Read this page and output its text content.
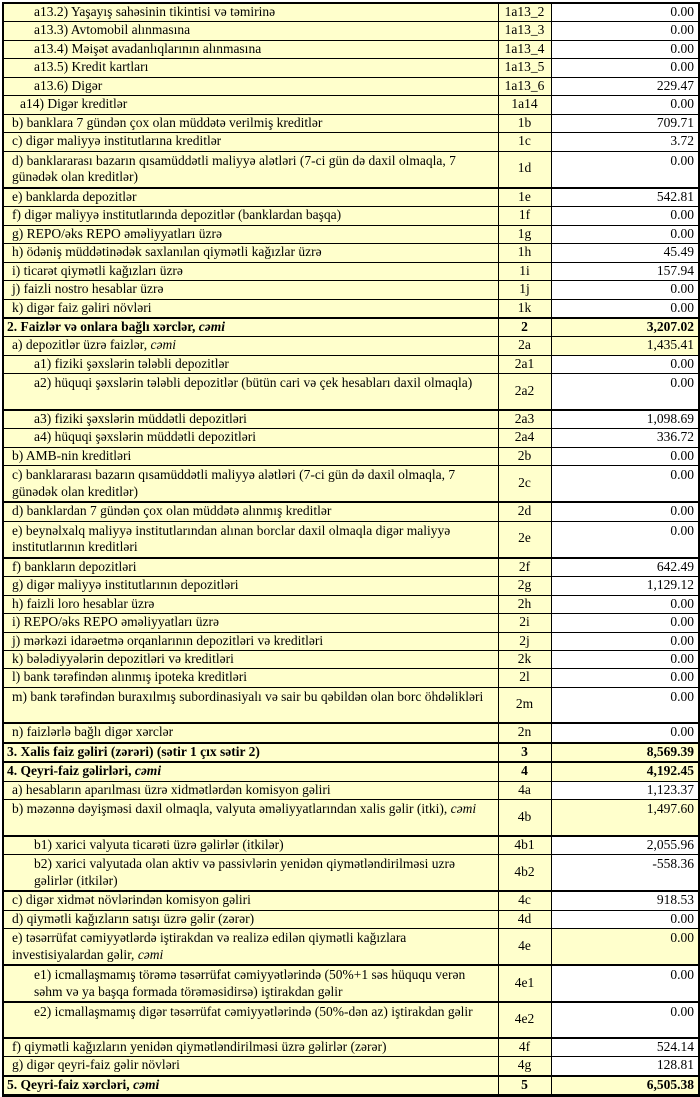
a13.2) Yaşayış sahəsinin tikintisi və təmirinə	1a13_2	0.00
a13.3) Avtomobil alınmasına	1a13_3	0.00
a13.4) Məişət avadanlıqlarının alınmasına	1a13_4	0.00
a13.5) Kredit kartları	1a13_5	0.00
a13.6) Digər	1a13_6	229.47
a14) Digər kreditlər	1a14	0.00
b) banklara 7 gündən çox olan müddətə verilmiş kreditlər	1b	709.71
c) digər maliyyə institutlarına kreditlər	1c	3.72
d) banklararası bazarın qısamüddətli maliyyə alətləri (7-ci gün də daxil olmaqla, 7 günədək olan kreditlər)	1d	0.00
e) banklarda depozitlər	1e	542.81
f) digər maliyyə institutlarında depozitlər (banklardan başqa)	1f	0.00
g) REPO/əks REPO əməliyyatları üzrə	1g	0.00
h) ödəniş müddətinədək saxlanılan qiymətli kağızlar üzrə	1h	45.49
i) ticarət qiymətli kağızları üzrə	1i	157.94
j) faizli nostro hesablar üzrə	1j	0.00
k) digər faiz gəliri növləri	1k	0.00
2. Faizlər və onlara bağlı xərclər, cəmi	2	3,207.02
a) depozitlər üzrə faizlər, cəmi	2a	1,435.41
a1) fiziki şəxslərin tələbli depozitlər	2a1	0.00
a2) hüquqi şəxslərin tələbli depozitlər (bütün cari və çek hesabları daxil olmaqla)	2a2	0.00
a3) fiziki şəxslərin müddətli depozitləri	2a3	1,098.69
a4) hüquqi şəxslərin müddətli depozitləri	2a4	336.72
b) AMB-nin kreditləri	2b	0.00
c) banklararası bazarın qısamüddətli maliyyə alətləri (7-ci gün də daxil olmaqla, 7 günədək olan kreditlər)	2c	0.00
d) banklardan 7 gündən çox olan müddətə alınmış kreditlər	2d	0.00
e) beynəlxalq maliyyə institutlarından alınan borclar daxil olmaqla digər maliyyə institutlarının kreditləri	2e	0.00
f) bankların depozitləri	2f	642.49
g) digər maliyyə institutlarının depozitləri	2g	1,129.12
h) faizli loro hesablar üzrə	2h	0.00
i) REPO/əks REPO əməliyyatları üzrə	2i	0.00
j) mərkəzi idarəetmə orqanlarının depozitləri və kreditləri	2j	0.00
k) bələdiyyələrin depozitləri və kreditləri	2k	0.00
l) bank tərəfindən alınmış ipoteka kreditləri	2l	0.00
m) bank tərəfindən buraxılmış subordinasiyalı və sair bu qəbildən olan borc öhdəlikləri	2m	0.00
n) faizlərlə bağlı digər xərclər	2n	0.00
3. Xalis faiz gəliri (zərəri) (sətir 1 çıx sətir 2)	3	8,569.39
4. Qeyri-faiz gəlirləri, cəmi	4	4,192.45
a) hesabların aparılması üzrə xidmətlərdən komisyon gəliri	4a	1,123.37
b) məzənnə dəyişməsi daxil olmaqla, valyuta əməliyyatlarından xalis gəlir (itki), cəmi	4b	1,497.60
b1) xarici valyuta ticarəti üzrə gəlirlər (itkilər)	4b1	2,055.96
b2) xarici valyutada olan aktiv və passivlərin yenidən qiymətləndirilməsi uzrə gəlirlər (itkilər)	4b2	-558.36
c) digər xidmət növlərindən komisyon gəliri	4c	918.53
d) qiymətli kağızların satışı üzrə gəlir (zərər)	4d	0.00
e) təsərrüfat cəmiyyətlərdə iştirakdan və realizə edilən qiymətli kağızlara investisiyalardan gəlir, cəmi	4e	0.00
e1) icmallaşmamış törəmə təsərrüfat cəmiyyətlərində (50%+1 səs hüququ verən səhm və ya başqa formada törəməsidirsə) iştirakdan gəlir	4e1	0.00
e2) icmallaşmamış digər təsərrüfat cəmiyyətlərində (50%-dən az) iştirakdan gəlir	4e2	0.00
f) qiymətli kağızların yenidən qiymətləndirilməsi üzrə gəlirlər (zərər)	4f	524.14
g) digər qeyri-faiz gəlir növləri	4g	128.81
5. Qeyri-faiz xərcləri, cəmi	5	6,505.38
